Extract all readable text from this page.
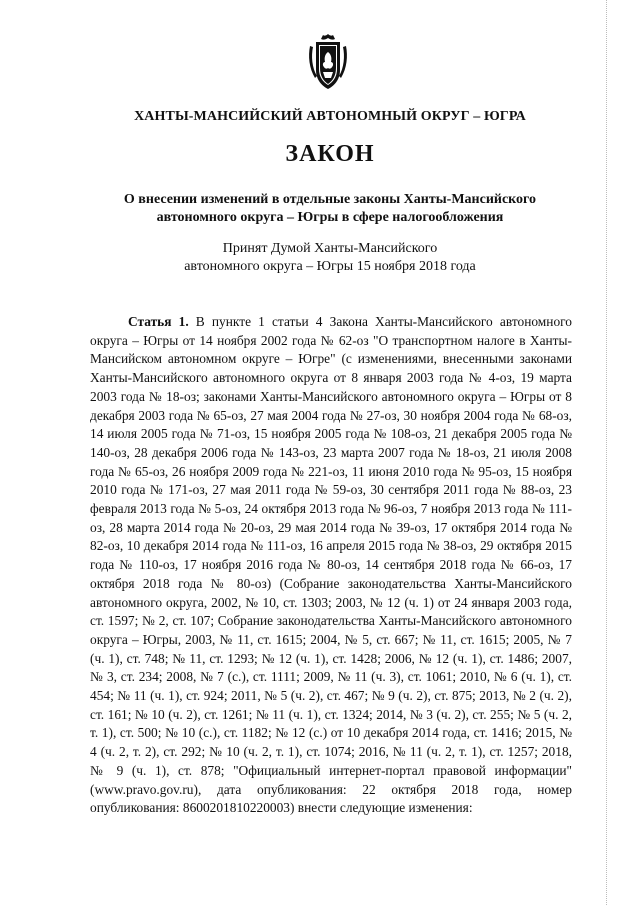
ХАНТЫ-МАНСИЙСКИЙ АВТОНОМНЫЙ ОКРУГ – ЮГРА
ЗАКОН
О внесении изменений в отдельные законы Ханты-Мансийского
автономного округа – Югры в сфере налогообложения
Принят Думой Ханты-Мансийского
автономного округа – Югры 15 ноября 2018 года

Статья 1. В пункте 1 статьи 4 Закона Ханты-Мансийского автономного округа – Югры от 14 ноября 2002 года № 62-оз "О транспортном налоге в Ханты-Мансийском автономном округе – Югре" (с изменениями, внесенными законами Ханты-Мансийского автономного округа от 8 января 2003 года № 4-оз, 19 марта 2003 года № 18-оз; законами Ханты-Мансийского автономного округа – Югры от 8 декабря 2003 года № 65-оз, 27 мая 2004 года № 27-оз, 30 ноября 2004 года № 68-оз, 14 июля 2005 года № 71-оз, 15 ноября 2005 года № 108-оз, 21 декабря 2005 года № 140-оз, 28 декабря 2006 года № 143-оз, 23 марта 2007 года № 18-оз, 21 июля 2008 года № 65-оз, 26 ноября 2009 года № 221-оз, 11 июня 2010 года № 95-оз, 15 ноября 2010 года № 171-оз, 27 мая 2011 года № 59-оз, 30 сентября 2011 года № 88-оз, 23 февраля 2013 года № 5-оз, 24 октября 2013 года № 96-оз, 7 ноября 2013 года № 111-оз, 28 марта 2014 года № 20-оз, 29 мая 2014 года № 39-оз, 17 октября 2014 года № 82-оз, 10 декабря 2014 года № 111-оз, 16 апреля 2015 года № 38-оз, 29 октября 2015 года № 110-оз, 17 ноября 2016 года № 80-оз, 14 сентября 2018 года № 66-оз, 17 октября 2018 года № 80-оз) (Собрание законодательства Ханты-Мансийского автономного округа, 2002, № 10, ст. 1303; 2003, № 12 (ч. 1) от 24 января 2003 года, ст. 1597; № 2, ст. 107; Собрание законодательства Ханты-Мансийского автономного округа – Югры, 2003, № 11, ст. 1615; 2004, № 5, ст. 667; № 11, ст. 1615; 2005, № 7 (ч. 1), ст. 748; № 11, ст. 1293; № 12 (ч. 1), ст. 1428; 2006, № 12 (ч. 1), ст. 1486; 2007, № 3, ст. 234; 2008, № 7 (с.), ст. 1111; 2009, № 11 (ч. 3), ст. 1061; 2010, № 6 (ч. 1), ст. 454; № 11 (ч. 1), ст. 924; 2011, № 5 (ч. 2), ст. 467; № 9 (ч. 2), ст. 875; 2013, № 2 (ч. 2), ст. 161; № 10 (ч. 2), ст. 1261; № 11 (ч. 1), ст. 1324; 2014, № 3 (ч. 2), ст. 255; № 5 (ч. 2, т. 1), ст. 500; № 10 (с.), ст. 1182; № 12 (с.) от 10 декабря 2014 года, ст. 1416; 2015, № 4 (ч. 2, т. 2), ст. 292; № 10 (ч. 2, т. 1), ст. 1074; 2016, № 11 (ч. 2, т. 1), ст. 1257; 2018, № 9 (ч. 1), ст. 878; "Официальный интернет-портал правовой информации" (www.pravo.gov.ru), дата опубликования: 22 октября 2018 года, номер опубликования: 8600201810220003) внести следующие изменения:
